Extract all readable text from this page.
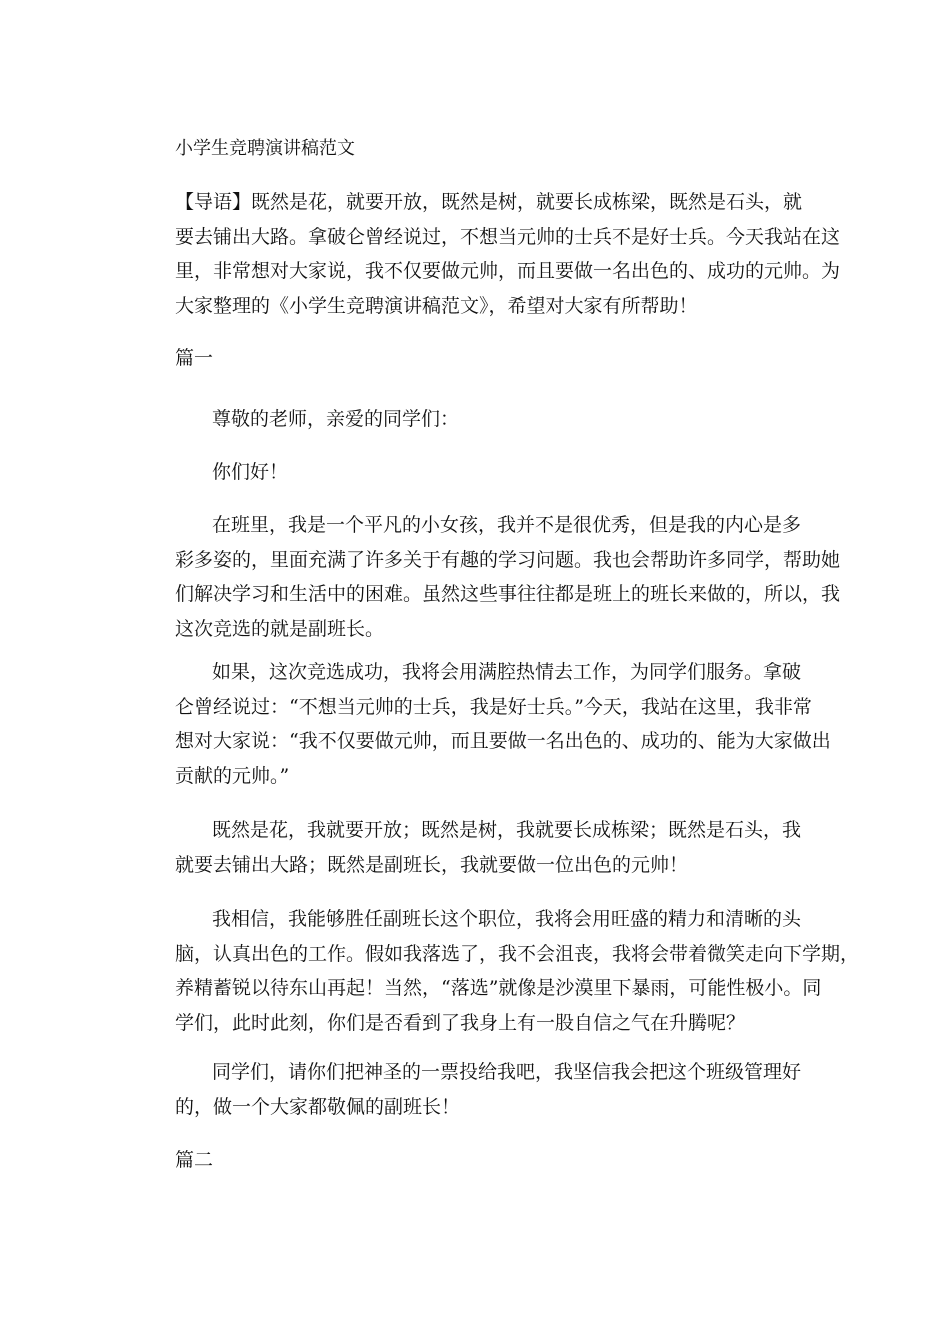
小学生竞聘演讲稿范文
【导语】既然是花，就要开放，既然是树，就要长成栋梁，既然是石头，就
要去铺出大路。拿破仑曾经说过，不想当元帅的士兵不是好士兵。今天我站在这
里，非常想对大家说，我不仅要做元帅，而且要做一名出色的、成功的元帅。为
大家整理的《小学生竞聘演讲稿范文》，希望对大家有所帮助！
篇一

尊敬的老师，亲爱的同学们：

你们好！

在班里，我是一个平凡的小女孩，我并不是很优秀，但是我的内心是多
彩多姿的，里面充满了许多关于有趣的学习问题。我也会帮助许多同学，帮助她
们解决学习和生活中的困难。虽然这些事往往都是班上的班长来做的，所以，我
这次竞选的就是副班长。
如果，这次竞选成功，我将会用满腔热情去工作，为同学们服务。拿破
仑曾经说过：“不想当元帅的士兵，我是好士兵。”今天，我站在这里，我非常
想对大家说：“我不仅要做元帅，而且要做一名出色的、成功的、能为大家做出
贡献的元帅。”
既然是花，我就要开放；既然是树，我就要长成栋梁；既然是石头，我
就要去铺出大路；既然是副班长，我就要做一位出色的元帅！
我相信，我能够胜任副班长这个职位，我将会用旺盛的精力和清晰的头
脑，认真出色的工作。假如我落选了，我不会沮丧，我将会带着微笑走向下学期，
养精蓄锐以待东山再起！当然，“落选”就像是沙漠里下暴雨，可能性极小。同
学们，此时此刻，你们是否看到了我身上有一股自信之气在升腾呢？
同学们，请你们把神圣的一票投给我吧，我坚信我会把这个班级管理好
的，做一个大家都敬佩的副班长！
篇二
